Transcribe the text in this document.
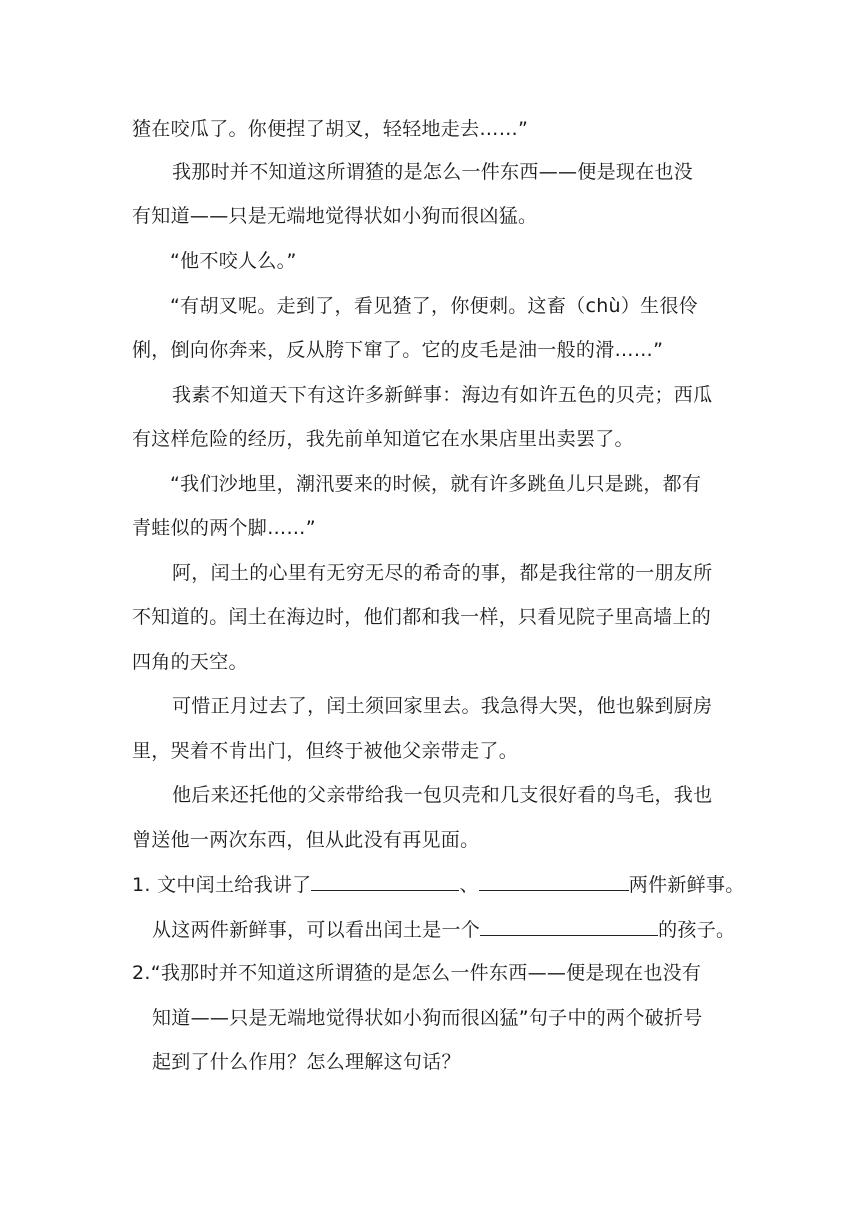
猹在咬瓜了。你便捏了胡叉，轻轻地走去……”
我那时并不知道这所谓猹的是怎么一件东西——便是现在也没
有知道——只是无端地觉得状如小狗而很凶猛。
“他不咬人么。”
“有胡叉呢。走到了，看见猹了，你便刺。这畜（chù）生很伶
俐，倒向你奔来，反从胯下窜了。它的皮毛是油一般的滑……”
我素不知道天下有这许多新鲜事：海边有如许五色的贝壳；西瓜
有这样危险的经历，我先前单知道它在水果店里出卖罢了。
“我们沙地里，潮汛要来的时候，就有许多跳鱼儿只是跳，都有
青蛙似的两个脚……”
阿，闰土的心里有无穷无尽的希奇的事，都是我往常的一朋友所
不知道的。闰土在海边时，他们都和我一样，只看见院子里高墙上的
四角的天空。
可惜正月过去了，闰土须回家里去。我急得大哭，他也躲到厨房
里，哭着不肯出门，但终于被他父亲带走了。
他后来还托他的父亲带给我一包贝壳和几支很好看的鸟毛，我也
曾送他一两次东西，但从此没有再见面。
1. 文中闰土给我讲了	、	两件新鲜事。
从这两件新鲜事，可以看出闰土是一个	的孩子。
2.“我那时并不知道这所谓猹的是怎么一件东西——便是现在也没有
知道——只是无端地觉得状如小狗而很凶猛”句子中的两个破折号
起到了什么作用？怎么理解这句话？
